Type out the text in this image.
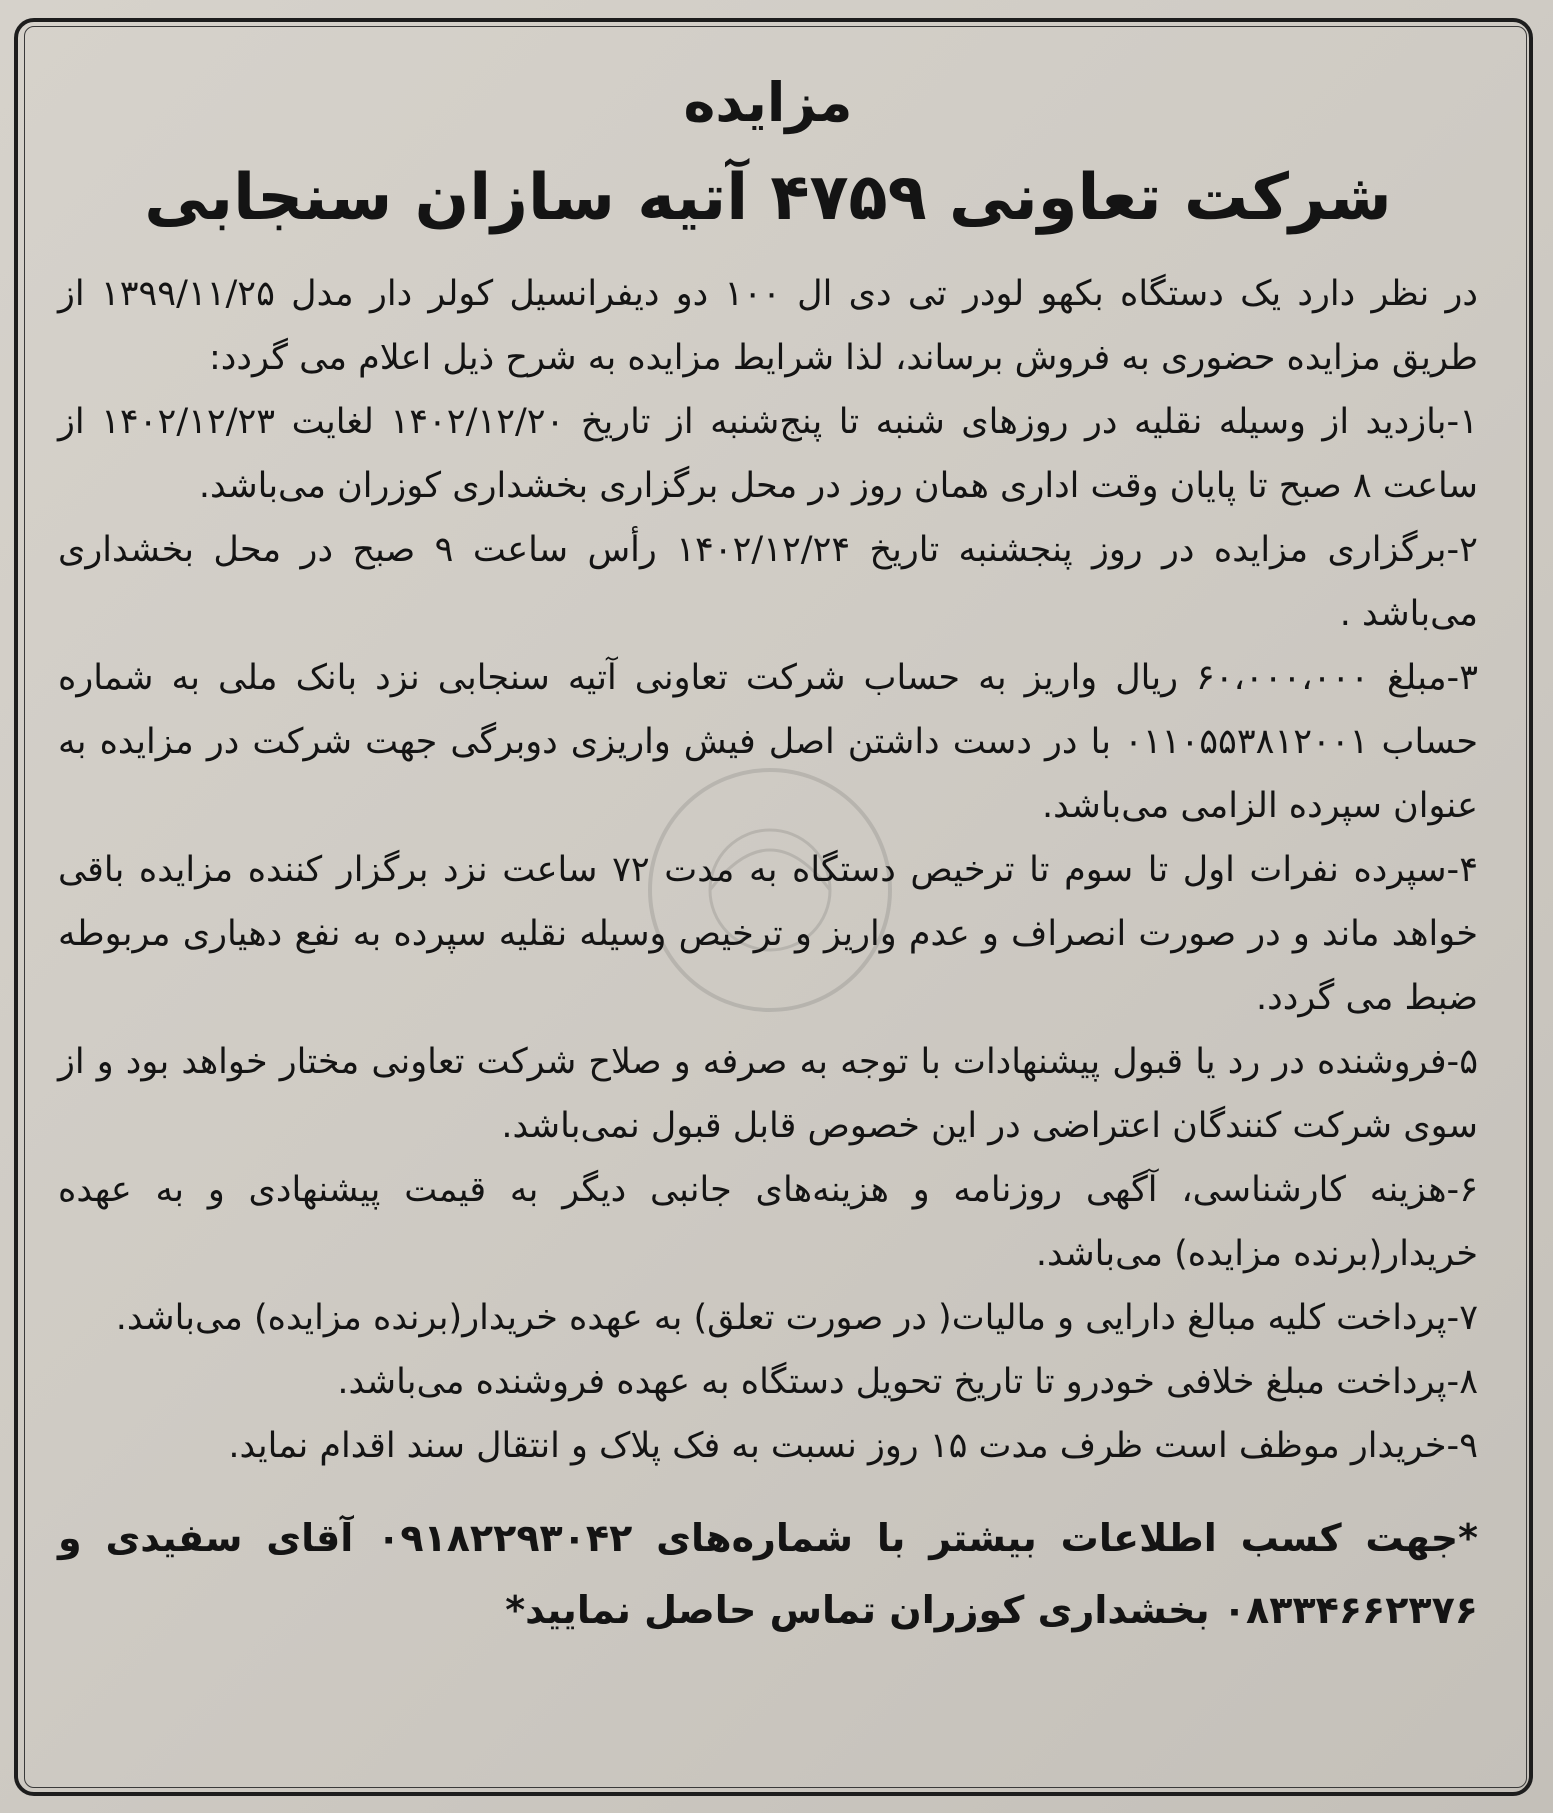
مزایده
شرکت تعاونی ۴۷۵۹ آتیه سازان سنجابی

در نظر دارد یک دستگاه بکهو لودر تی دی ال ۱۰۰ دو دیفرانسیل کولر دار مدل ۱۳۹۹/۱۱/۲۵ از طریق مزایده حضوری به فروش برساند، لذا شرایط مزایده به شرح ذیل اعلام می گردد:

۱-بازدید از وسیله نقلیه در روزهای شنبه تا پنج‌شنبه از تاریخ ۱۴۰۲/۱۲/۲۰ لغایت ۱۴۰۲/۱۲/۲۳ از ساعت ۸ صبح تا پایان وقت اداری همان روز در محل برگزاری بخشداری کوزران می‌باشد.

۲-برگزاری مزایده در روز پنجشنبه تاریخ ۱۴۰۲/۱۲/۲۴ رأس ساعت ۹ صبح در محل بخشداری می‌باشد .

۳-مبلغ ۶۰،۰۰۰،۰۰۰ ریال واریز به حساب شرکت تعاونی آتیه سنجابی نزد بانک ملی به شماره حساب ۰۱۱۰۵۵۳۸۱۲۰۰۱ با در دست داشتن اصل فیش واریزی دوبرگی جهت شرکت در مزایده به عنوان سپرده الزامی می‌باشد.

۴-سپرده نفرات اول تا سوم تا ترخیص دستگاه به مدت ۷۲ ساعت نزد برگزار کننده مزایده باقی خواهد ماند و در صورت انصراف و عدم واریز و ترخیص وسیله نقلیه سپرده به نفع دهیاری مربوطه ضبط می گردد.

۵-فروشنده در رد یا قبول پیشنهادات با توجه به صرفه و صلاح شرکت تعاونی مختار خواهد بود و از سوی شرکت کنندگان اعتراضی در این خصوص قابل قبول نمی‌باشد.

۶-هزینه کارشناسی، آگهی روزنامه و هزینه‌های جانبی دیگر به قیمت پیشنهادی و به عهده خریدار(برنده مزایده) می‌باشد.

۷-پرداخت کلیه مبالغ دارایی و مالیات( در صورت تعلق) به عهده خریدار(برنده مزایده) می‌باشد.

۸-پرداخت مبلغ خلافی خودرو تا تاریخ تحویل دستگاه به عهده فروشنده می‌باشد.

۹-خریدار موظف است ظرف مدت ۱۵ روز نسبت به فک پلاک و انتقال سند اقدام نماید.

*جهت کسب اطلاعات بیشتر با شماره‌های ۰۹۱۸۲۲۹۳۰۴۲ آقای سفیدی و ۰۸۳۳۴۶۶۲۳۷۶ بخشداری کوزران تماس حاصل نمایید*
